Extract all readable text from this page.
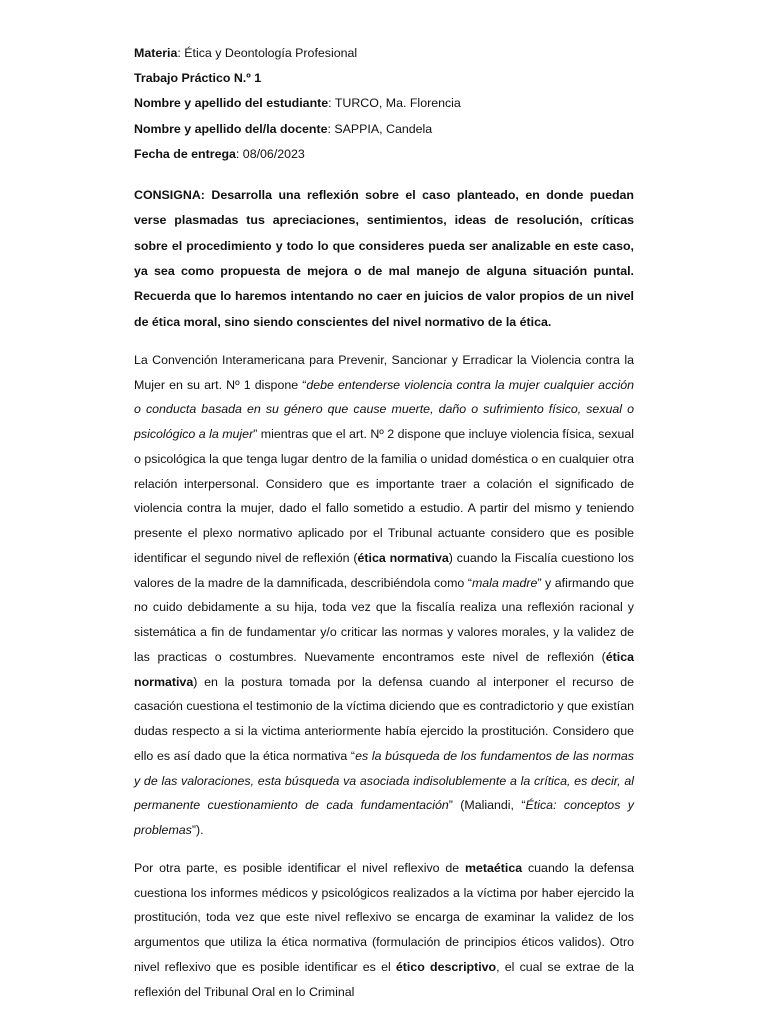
Materia: Ética y Deontología Profesional
Trabajo Práctico N.º 1
Nombre y apellido del estudiante: TURCO, Ma. Florencia
Nombre y apellido del/la docente: SAPPIA, Candela
Fecha de entrega: 08/06/2023
CONSIGNA: Desarrolla una reflexión sobre el caso planteado, en donde puedan verse plasmadas tus apreciaciones, sentimientos, ideas de resolución, críticas sobre el procedimiento y todo lo que consideres pueda ser analizable en este caso, ya sea como propuesta de mejora o de mal manejo de alguna situación puntal. Recuerda que lo haremos intentando no caer en juicios de valor propios de un nivel de ética moral, sino siendo conscientes del nivel normativo de la ética.
La Convención Interamericana para Prevenir, Sancionar y Erradicar la Violencia contra la Mujer en su art. Nº 1 dispone “debe entenderse violencia contra la mujer cualquier acción o conducta basada en su género que cause muerte, daño o sufrimiento físico, sexual o psicológico a la mujer” mientras que el art. Nº 2 dispone que incluye violencia física, sexual o psicológica la que tenga lugar dentro de la familia o unidad doméstica o en cualquier otra relación interpersonal. Considero que es importante traer a colación el significado de violencia contra la mujer, dado el fallo sometido a estudio. A partir del mismo y teniendo presente el plexo normativo aplicado por el Tribunal actuante considero que es posible identificar el segundo nivel de reflexión (ética normativa) cuando la Fiscalía cuestiono los valores de la madre de la damnificada, describiéndola como “mala madre” y afirmando que no cuido debidamente a su hija, toda vez que la fiscalía realiza una reflexión racional y sistemática a fin de fundamentar y/o criticar las normas y valores morales, y la validez de las practicas o costumbres. Nuevamente encontramos este nivel de reflexión (ética normativa) en la postura tomada por la defensa cuando al interponer el recurso de casación cuestiona el testimonio de la víctima diciendo que es contradictorio y que existían dudas respecto a si la victima anteriormente había ejercido la prostitución. Considero que ello es así dado que la ética normativa “es la búsqueda de los fundamentos de las normas y de las valoraciones, esta búsqueda va asociada indisolublemente a la crítica, es decir, al permanente cuestionamiento de cada fundamentación” (Maliandi, “Ética: conceptos y problemas”).
Por otra parte, es posible identificar el nivel reflexivo de metaética cuando la defensa cuestiona los informes médicos y psicológicos realizados a la víctima por haber ejercido la prostitución, toda vez que este nivel reflexivo se encarga de examinar la validez de los argumentos que utiliza la ética normativa (formulación de principios éticos validos). Otro nivel reflexivo que es posible identificar es el ético descriptivo, el cual se extrae de la reflexión del Tribunal Oral en lo Criminal
